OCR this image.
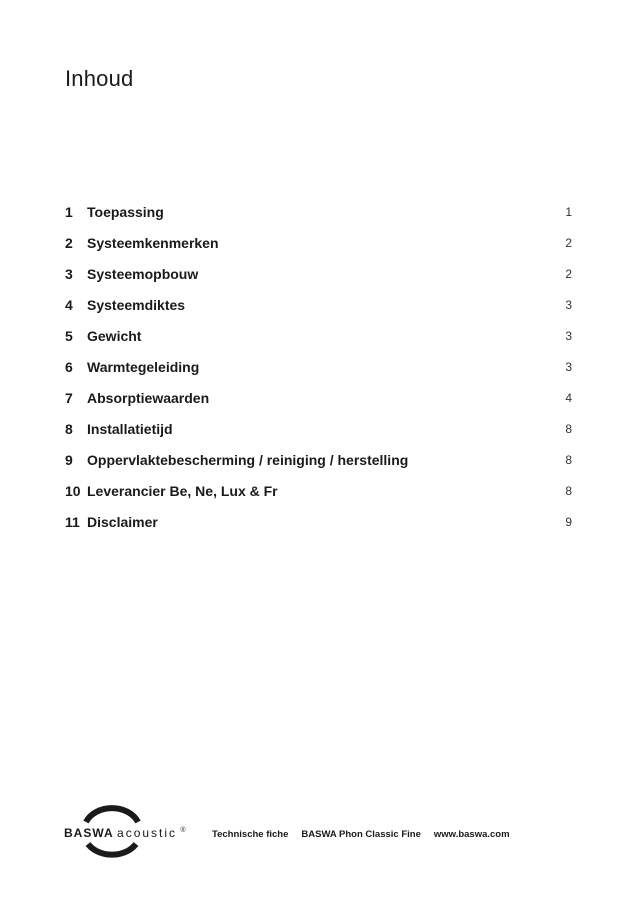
Inhoud
1	Toepassing	1
2	Systeemkenmerken	2
3	Systeemopbouw	2
4	Systeemdiktes	3
5	Gewicht	3
6	Warmtegeleiding	3
7	Absorptiewaarden	4
8	Installatietijd	8
9	Oppervlaktebescherming / reiniging / herstelling	8
10 Leverancier Be, Ne, Lux & Fr	8
11 Disclaimer	9
BASWA acoustic ®	Technische fiche BASWA Phon Classic Fine www.baswa.com
